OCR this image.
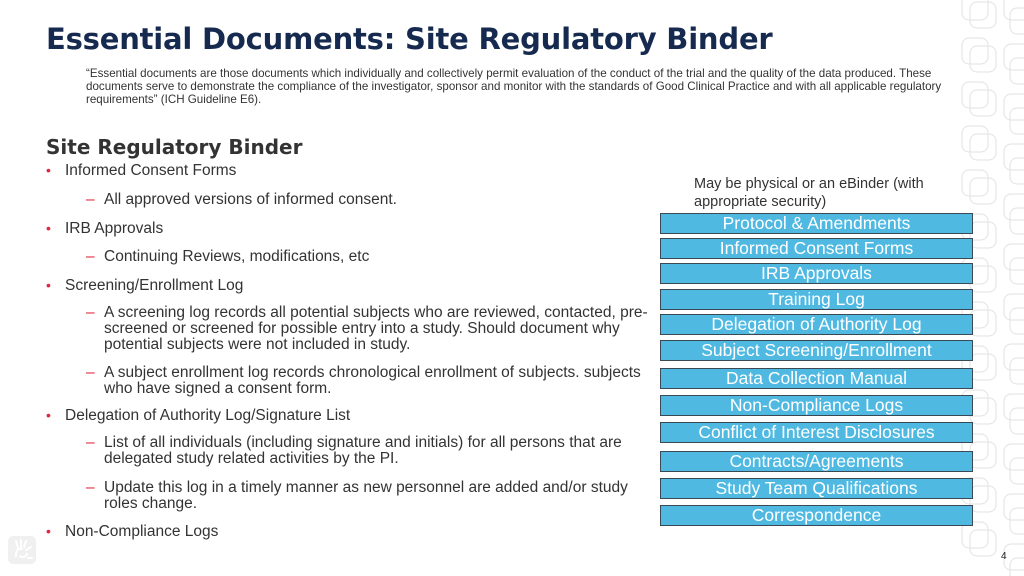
Essential Documents: Site Regulatory Binder
“Essential documents are those documents which individually and collectively permit evaluation of the conduct of the trial and the quality of the data produced. These documents serve to demonstrate the compliance of the investigator, sponsor and monitor with the standards of Good Clinical Practice and with all applicable regulatory requirements” (ICH Guideline E6).
Site Regulatory Binder
• Informed Consent Forms
– All approved versions of informed consent.
• IRB Approvals
– Continuing Reviews, modifications, etc
• Screening/Enrollment Log
– A screening log records all potential subjects who are reviewed, contacted, pre-screened or screened for possible entry into a study. Should document why potential subjects were not included in study.
– A subject enrollment log records chronological enrollment of subjects. subjects who have signed a consent form.
• Delegation of Authority Log/Signature List
– List of all individuals (including signature and initials) for all persons that are delegated study related activities by the PI.
– Update this log in a timely manner as new personnel are added and/or study roles change.
• Non-Compliance Logs
May be physical or an eBinder (with appropriate security)
Protocol & Amendments
Informed Consent Forms
IRB Approvals
Training Log
Delegation of Authority Log
Subject Screening/Enrollment
Data Collection Manual
Non-Compliance Logs
Conflict of Interest Disclosures
Contracts/Agreements
Study Team Qualifications
Correspondence
4
